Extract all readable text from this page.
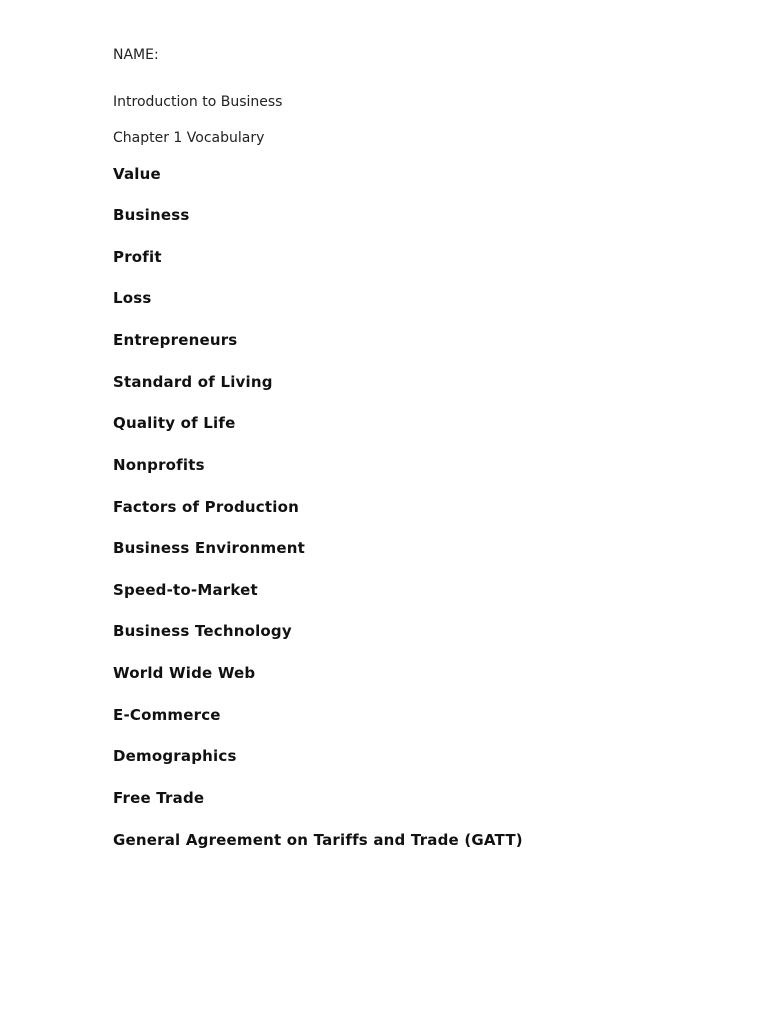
NAME:
Introduction to Business
Chapter 1 Vocabulary
Value
Business
Profit
Loss
Entrepreneurs
Standard of Living
Quality of Life
Nonprofits
Factors of Production
Business Environment
Speed-to-Market
Business Technology
World Wide Web
E-Commerce
Demographics
Free Trade
General Agreement on Tariffs and Trade (GATT)
